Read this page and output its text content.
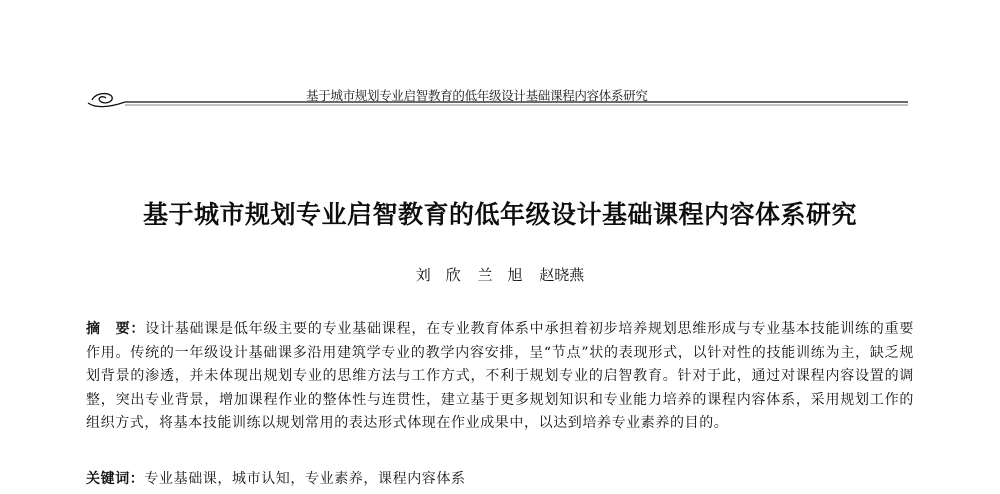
基于城市规划专业启智教育的低年级设计基础课程内容体系研究
基于城市规划专业启智教育的低年级设计基础课程内容体系研究
刘　欣 兰　旭 赵晓燕
摘　要：设计基础课是低年级主要的专业基础课程，在专业教育体系中承担着初步培养规划思维形成与专业基本技能训练的重要作用。传统的一年级设计基础课多沿用建筑学专业的教学内容安排，呈“节点”状的表现形式，以针对性的技能训练为主，缺乏规划背景的渗透，并未体现出规划专业的思维方法与工作方式，不利于规划专业的启智教育。针对于此，通过对课程内容设置的调整，突出专业背景，增加课程作业的整体性与连贯性，建立基于更多规划知识和专业能力培养的课程内容体系，采用规划工作的组织方式，将基本技能训练以规划常用的表达形式体现在作业成果中，以达到培养专业素养的目的。
关键词：专业基础课，城市认知，专业素养，课程内容体系
